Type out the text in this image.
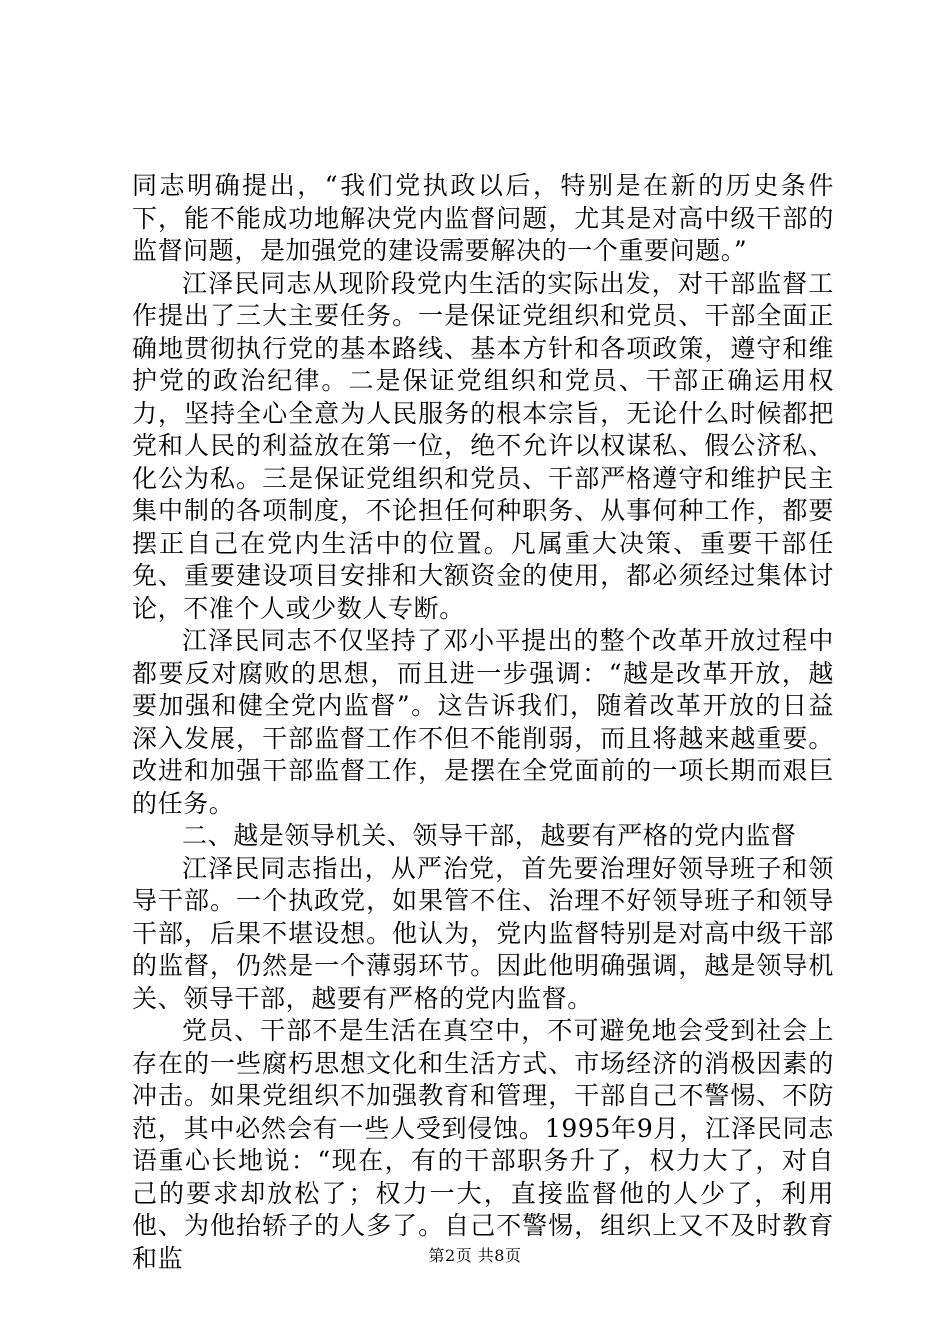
同志明确提出，“我们党执政以后，特别是在新的历史条件下，能不能成功地解决党内监督问题，尤其是对高中级干部的监督问题，是加强党的建设需要解决的一个重要问题。”

江泽民同志从现阶段党内生活的实际出发，对干部监督工作提出了三大主要任务。一是保证党组织和党员、干部全面正确地贯彻执行党的基本路线、基本方针和各项政策，遵守和维护党的政治纪律。二是保证党组织和党员、干部正确运用权力，坚持全心全意为人民服务的根本宗旨，无论什么时候都把党和人民的利益放在第一位，绝不允许以权谋私、假公济私、化公为私。三是保证党组织和党员、干部严格遵守和维护民主集中制的各项制度，不论担任何种职务、从事何种工作，都要摆正自己在党内生活中的位置。凡属重大决策、重要干部任免、重要建设项目安排和大额资金的使用，都必须经过集体讨论，不准个人或少数人专断。

江泽民同志不仅坚持了邓小平提出的整个改革开放过程中都要反对腐败的思想，而且进一步强调：“越是改革开放，越要加强和健全党内监督”。这告诉我们，随着改革开放的日益深入发展，干部监督工作不但不能削弱，而且将越来越重要。改进和加强干部监督工作，是摆在全党面前的一项长期而艰巨的任务。

二、越是领导机关、领导干部，越要有严格的党内监督

江泽民同志指出，从严治党，首先要治理好领导班子和领导干部。一个执政党，如果管不住、治理不好领导班子和领导干部，后果不堪设想。他认为，党内监督特别是对高中级干部的监督，仍然是一个薄弱环节。因此他明确强调，越是领导机关、领导干部，越要有严格的党内监督。

党员、干部不是生活在真空中，不可避免地会受到社会上存在的一些腐朽思想文化和生活方式、市场经济的消极因素的冲击。如果党组织不加强教育和管理，干部自己不警惕、不防范，其中必然会有一些人受到侵蚀。1995年9月，江泽民同志语重心长地说：“现在，有的干部职务升了，权力大了，对自己的要求却放松了；权力一大，直接监督他的人少了，利用他、为他抬轿子的人多了。自己不警惕，组织上又不及时教育和监	第2页 共8页
